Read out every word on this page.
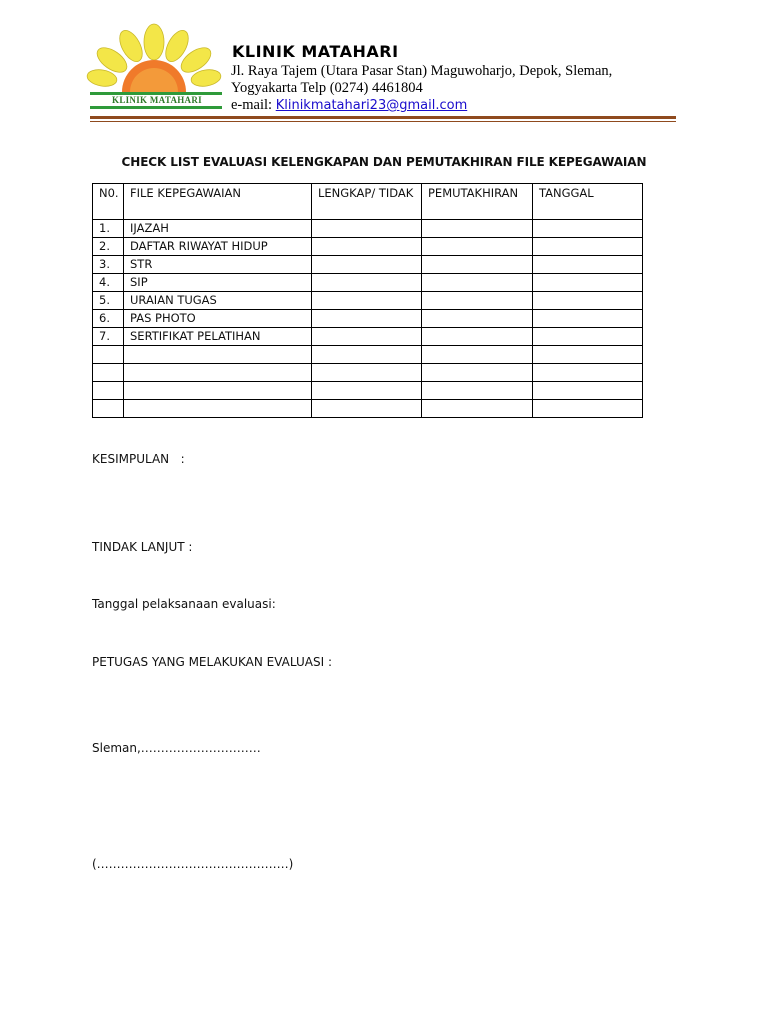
KLINIK MATAHARI
KLINIK MATAHARI
Jl. Raya Tajem (Utara Pasar Stan) Maguwoharjo, Depok, Sleman,
Yogyakarta Telp (0274) 4461804
e-mail: Klinikmatahari23@gmail.com
CHECK LIST EVALUASI KELENGKAPAN DAN PEMUTAKHIRAN FILE KEPEGAWAIAN
N0.	FILE KEPEGAWAIAN	LENGKAP/ TIDAK	PEMUTAKHIRAN	TANGGAL
1.	IJAZAH			
2.	DAFTAR RIWAYAT HIDUP			
3.	STR			
4.	SIP			
5.	URAIAN TUGAS			
6.	PAS PHOTO			
7.	SERTIFIKAT PELATIHAN			

KESIMPULAN   :
TINDAK LANJUT :
Tanggal pelaksanaan evaluasi:
PETUGAS YANG MELAKUKAN EVALUASI :
Sleman,…………………………
(…………………………………………)
